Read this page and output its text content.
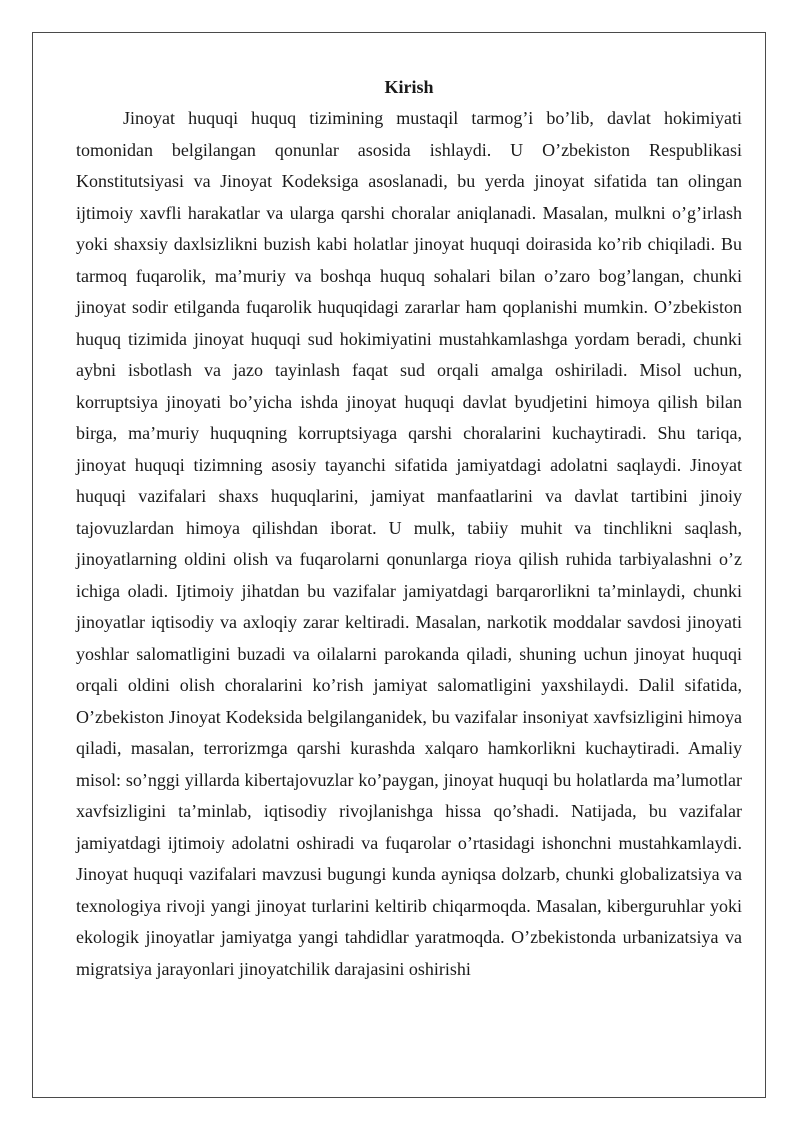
Kirish

Jinoyat huquqi huquq tizimining mustaqil tarmog’i bo’lib, davlat hokimiyati tomonidan belgilangan qonunlar asosida ishlaydi. U O’zbekiston Respublikasi Konstitutsiyasi va Jinoyat Kodeksiga asoslanadi, bu yerda jinoyat sifatida tan olingan ijtimoiy xavfli harakatlar va ularga qarshi choralar aniqlanadi. Masalan, mulkni o’g’irlash yoki shaxsiy daxlsizlikni buzish kabi holatlar jinoyat huquqi doirasida ko’rib chiqiladi. Bu tarmoq fuqarolik, ma’muriy va boshqa huquq sohalari bilan o’zaro bog’langan, chunki jinoyat sodir etilganda fuqarolik huquqidagi zararlar ham qoplanishi mumkin. O’zbekiston huquq tizimida jinoyat huquqi sud hokimiyatini mustahkamlashga yordam beradi, chunki aybni isbotlash va jazo tayinlash faqat sud orqali amalga oshiriladi. Misol uchun, korruptsiya jinoyati bo’yicha ishda jinoyat huquqi davlat byudjetini himoya qilish bilan birga, ma’muriy huquqning korruptsiyaga qarshi choralarini kuchaytiradi. Shu tariqa, jinoyat huquqi tizimning asosiy tayanchi sifatida jamiyatdagi adolatni saqlaydi. Jinoyat huquqi vazifalari shaxs huquqlarini, jamiyat manfaatlarini va davlat tartibini jinoiy tajovuzlardan himoya qilishdan iborat. U mulk, tabiiy muhit va tinchlikni saqlash, jinoyatlarning oldini olish va fuqarolarni qonunlarga rioya qilish ruhida tarbiyalashni o’z ichiga oladi. Ijtimoiy jihatdan bu vazifalar jamiyatdagi barqarorlikni ta’minlaydi, chunki jinoyatlar iqtisodiy va axloqiy zarar keltiradi. Masalan, narkotik moddalar savdosi jinoyati yoshlar salomatligini buzadi va oilalarni parokanda qiladi, shuning uchun jinoyat huquqi orqali oldini olish choralarini ko’rish jamiyat salomatligini yaxshilaydi. Dalil sifatida, O’zbekiston Jinoyat Kodeksida belgilanganidek, bu vazifalar insoniyat xavfsizligini himoya qiladi, masalan, terrorizmga qarshi kurashda xalqaro hamkorlikni kuchaytiradi. Amaliy misol: so’nggi yillarda kibertajovuzlar ko’paygan, jinoyat huquqi bu holatlarda ma’lumotlar xavfsizligini ta’minlab, iqtisodiy rivojlanishga hissa qo’shadi. Natijada, bu vazifalar jamiyatdagi ijtimoiy adolatni oshiradi va fuqarolar o’rtasidagi ishonchni mustahkamlaydi. Jinoyat huquqi vazifalari mavzusi bugungi kunda ayniqsa dolzarb, chunki globalizatsiya va texnologiya rivoji yangi jinoyat turlarini keltirib chiqarmoqda. Masalan, kiberguruhlar yoki ekologik jinoyatlar jamiyatga yangi tahdidlar yaratmoqda. O’zbekistonda urbanizatsiya va migratsiya jarayonlari jinoyatchilik darajasini oshirishi
